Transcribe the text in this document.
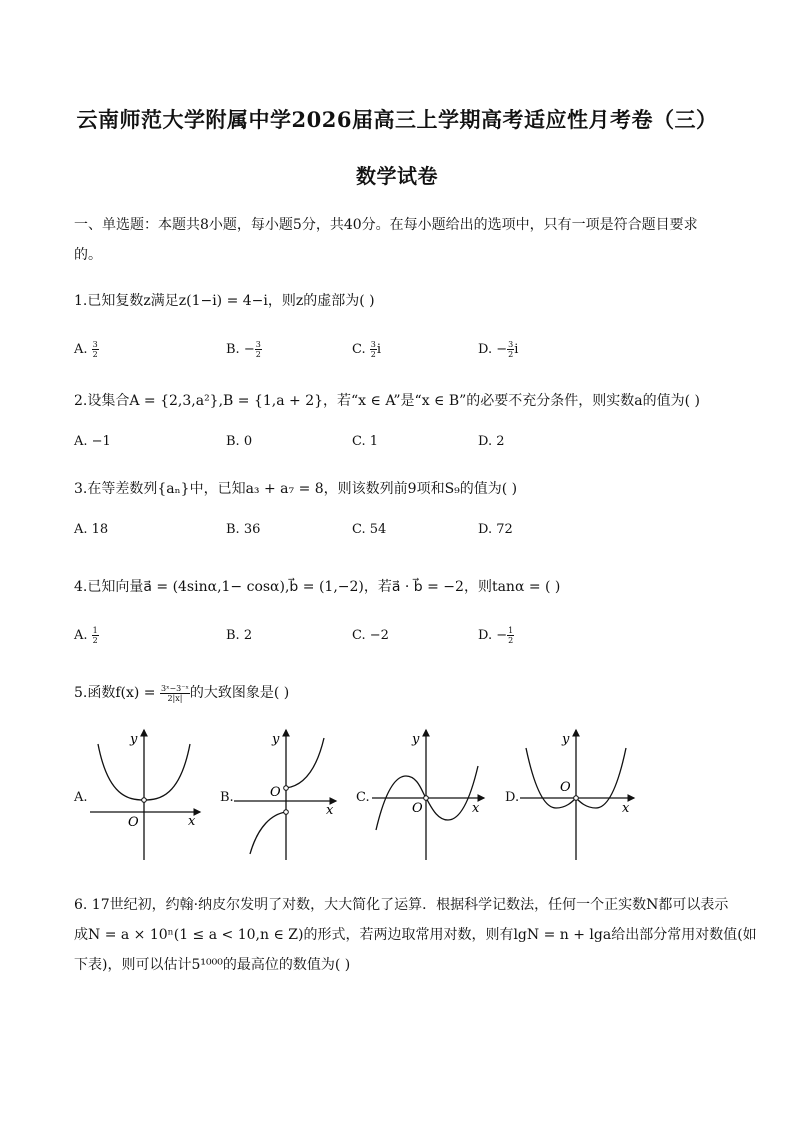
云南师范大学附属中学2026届高三上学期高考适应性月考卷（三）
数学试卷
一、单选题：本题共8小题，每小题5分，共40分。在每小题给出的选项中，只有一项是符合题目要求
的。
1.已知复数z满足z(1−i) = 4−i，则z的虚部为( )
A. $\frac{3}{2}$	B. − $\frac{3}{2}$	C. $\frac{3}{2}$ i	D. − $\frac{3}{2}$ i
2.设集合A = {2,3,a²},B = {1,a + 2}，若“x ∈ A”是“x ∈ B”的必要不充分条件，则实数a的值为( )
A. −1	B. 0	C. 1	D. 2
3.在等差数列{aₙ}中，已知a₃ + a₇ = 8，则该数列前9项和S₉的值为( )
A. 18	B. 36	C. 54	D. 72
4.已知向量a⃗ = (4sinα,1− cosα),b⃗ = (1,−2)，若a⃗ · b⃗ = −2，则tanα = ( )
A. $\frac{1}{2}$	B. 2	C. −2	D. − $\frac{1}{2}$
5.函数$f(x) = \frac{\text{3ˣ−3⁻ˣ}}{2|x|}$ 的大致图象是( )
A.	B.	C.	D.
O	x
y
O
x
y
O	x
y
O
x
y
6. 17世纪初，约翰·纳皮尔发明了对数，大大简化了运算．根据科学记数法，任何一个正实数N都可以表示
成N = a × 10ⁿ(1 ≤ a < 10,n ∈ Z)的形式，若两边取常用对数，则有lgN = n + lga给出部分常用对数值(如
下表)，则可以估计5¹⁰⁰⁰的最高位的数值为( )
